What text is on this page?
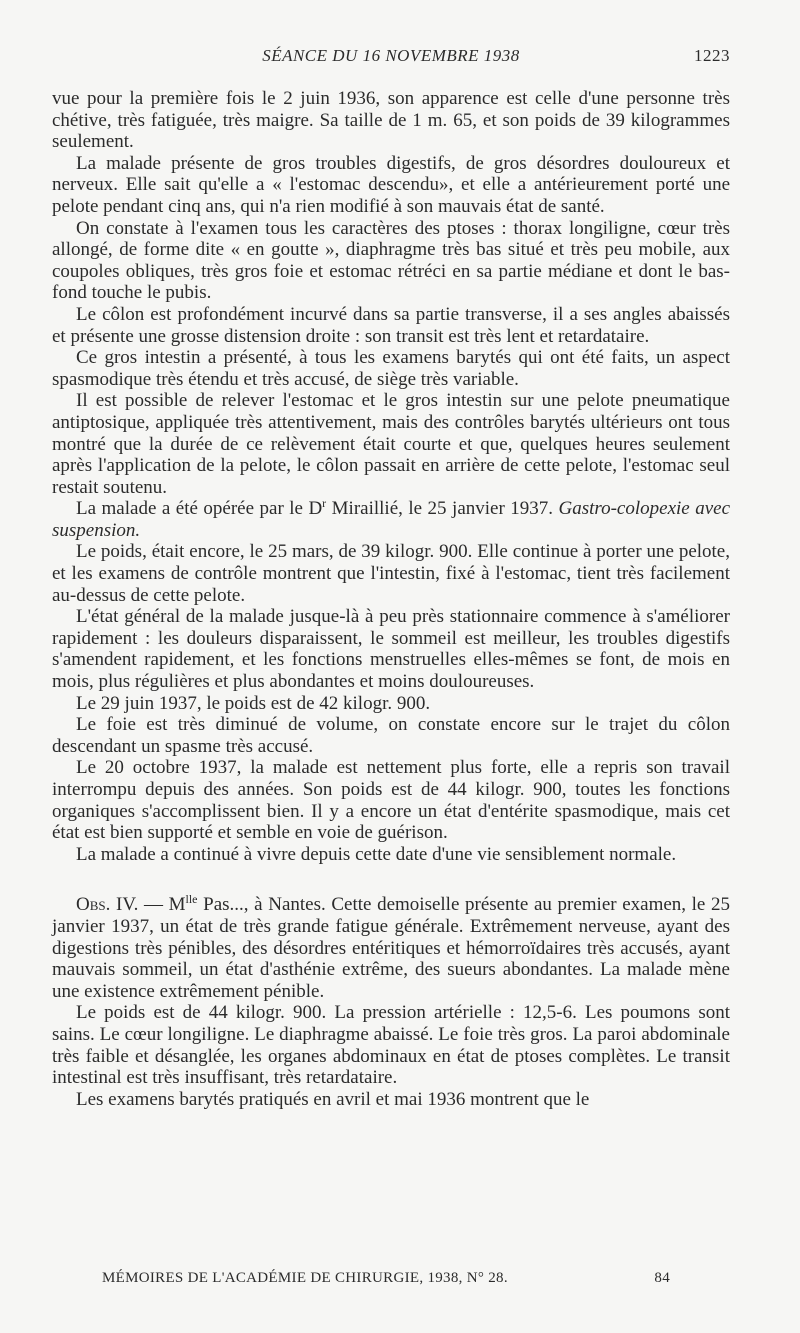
SÉANCE DU 16 NOVEMBRE 1938	1223

vue pour la première fois le 2 juin 1936, son apparence est celle d'une personne très chétive, très fatiguée, très maigre. Sa taille de 1 m. 65, et son poids de 39 kilogrammes seulement.

La malade présente de gros troubles digestifs, de gros désordres douloureux et nerveux. Elle sait qu'elle a « l'estomac descendu», et elle a antérieurement porté une pelote pendant cinq ans, qui n'a rien modifié à son mauvais état de santé.

On constate à l'examen tous les caractères des ptoses : thorax longiligne, cœur très allongé, de forme dite « en goutte », diaphragme très bas situé et très peu mobile, aux coupoles obliques, très gros foie et estomac rétréci en sa partie médiane et dont le bas-fond touche le pubis.

Le côlon est profondément incurvé dans sa partie transverse, il a ses angles abaissés et présente une grosse distension droite : son transit est très lent et retardataire.

Ce gros intestin a présenté, à tous les examens barytés qui ont été faits, un aspect spasmodique très étendu et très accusé, de siège très variable.

Il est possible de relever l'estomac et le gros intestin sur une pelote pneumatique antiptosique, appliquée très attentivement, mais des contrôles barytés ultérieurs ont tous montré que la durée de ce relèvement était courte et que, quelques heures seulement après l'application de la pelote, le côlon passait en arrière de cette pelote, l'estomac seul restait soutenu.

La malade a été opérée par le $D^r$ Miraillié, le 25 janvier 1937. Gastro-colopexie avec suspension.

Le poids, était encore, le 25 mars, de 39 kilogr. 900. Elle continue à porter une pelote, et les examens de contrôle montrent que l'intestin, fixé à l'estomac, tient très facilement au-dessus de cette pelote.

L'état général de la malade jusque-là à peu près stationnaire commence à s'améliorer rapidement : les douleurs disparaissent, le sommeil est meilleur, les troubles digestifs s'amendent rapidement, et les fonctions menstruelles elles-mêmes se font, de mois en mois, plus régulières et plus abondantes et moins douloureuses.

Le 29 juin 1937, le poids est de 42 kilogr. 900.

Le foie est très diminué de volume, on constate encore sur le trajet du côlon descendant un spasme très accusé.

Le 20 octobre 1937, la malade est nettement plus forte, elle a repris son travail interrompu depuis des années. Son poids est de 44 kilogr. 900, toutes les fonctions organiques s'accomplissent bien. Il y a encore un état d'entérite spasmodique, mais cet état est bien supporté et semble en voie de guérison.

La malade a continué à vivre depuis cette date d'une vie sensiblement normale.

Obs. IV. — $M^{lle}$ Pas..., à Nantes. Cette demoiselle présente au premier examen, le 25 janvier 1937, un état de très grande fatigue générale. Extrêmement nerveuse, ayant des digestions très pénibles, des désordres entéritiques et hémorroïdaires très accusés, ayant mauvais sommeil, un état d'asthénie extrême, des sueurs abondantes. La malade mène une existence extrêmement pénible.

Le poids est de 44 kilogr. 900. La pression artérielle : 12,5-6. Les poumons sont sains. Le cœur longiligne. Le diaphragme abaissé. Le foie très gros. La paroi abdominale très faible et désanglée, les organes abdominaux en état de ptoses complètes. Le transit intestinal est très insuffisant, très retardataire.

Les examens barytés pratiqués en avril et mai 1936 montrent que le

MÉMOIRES DE L'ACADÉMIE DE CHIRURGIE, 1938, N° 28.	84
